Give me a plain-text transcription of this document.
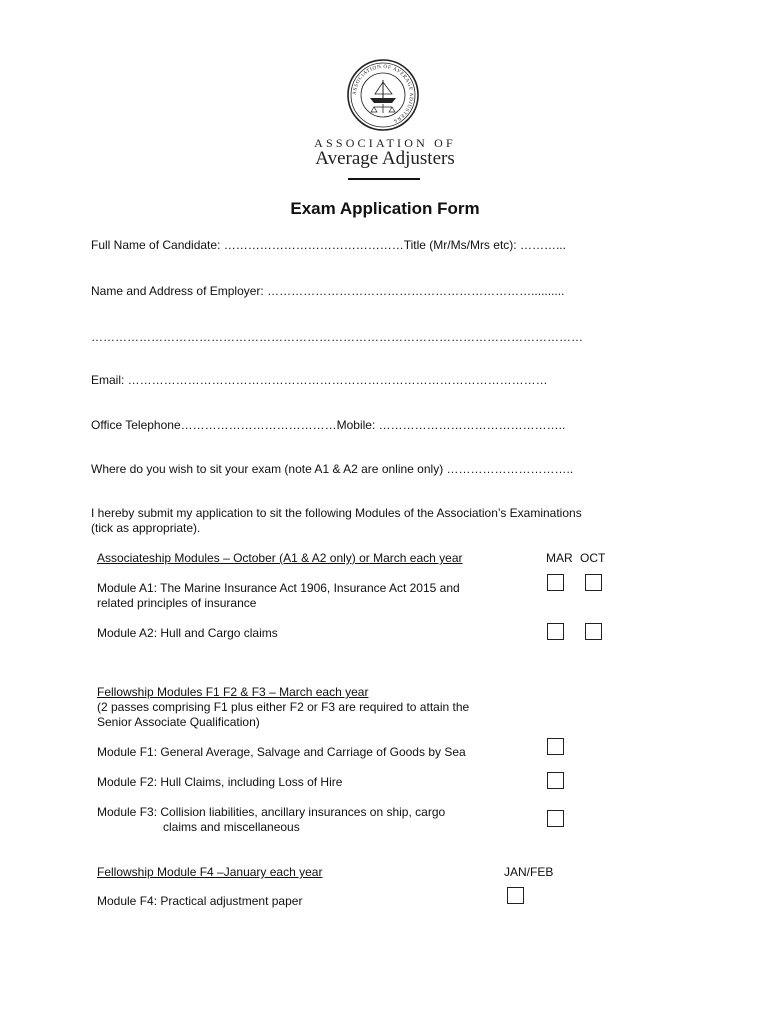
ASSOCIATION OF AVERAGE ADJUSTERS
ASSOCIATION OF
Average Adjusters
Exam Application Form
Full Name of Candidate: ………………………………………Title (Mr/Ms/Mrs etc): ………...
Name and Address of Employer: …………………………………………………………..........
……………………………………………………………………………………………………………
Email: ……………………………………………………………………………………………
Office Telephone…………………………………Mobile: ………………………………………..
Where do you wish to sit your exam (note A1 & A2 are online only) …………………………..
I hereby submit my application to sit the following Modules of the Association’s Examinations
(tick as appropriate).
Associateship Modules – October (A1 & A2 only) or March each year	MAR OCT
Module A1: The Marine Insurance Act 1906, Insurance Act 2015 and
related principles of insurance
Module A2: Hull and Cargo claims
Fellowship Modules F1 F2 & F3 – March each year
(2 passes comprising F1 plus either F2 or F3 are required to attain the
Senior Associate Qualification)
Module F1: General Average, Salvage and Carriage of Goods by Sea
Module F2: Hull Claims, including Loss of Hire
Module F3: Collision liabilities, ancillary insurances on ship, cargo
claims and miscellaneous
Fellowship Module F4 –January each year	JAN/FEB
Module F4: Practical adjustment paper
